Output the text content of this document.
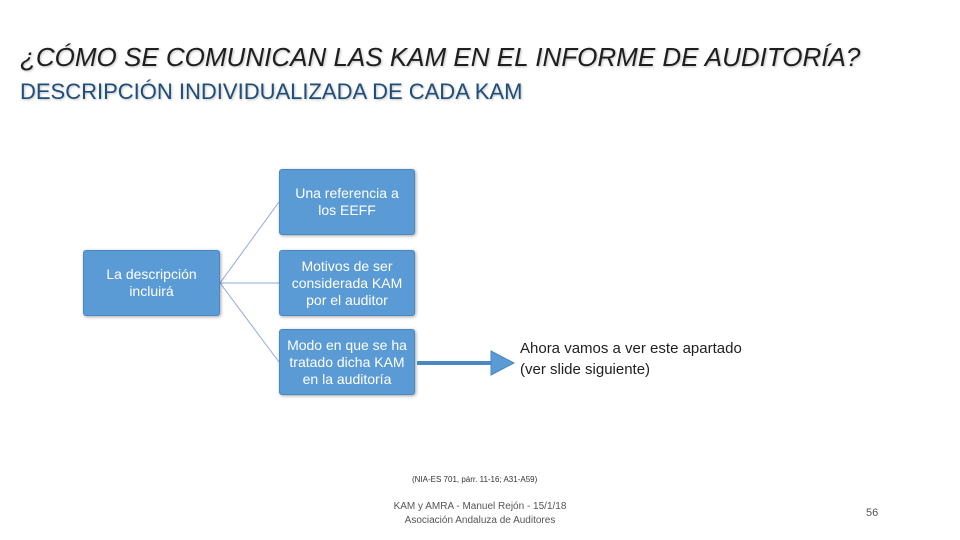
¿CÓMO SE COMUNICAN LAS KAM EN EL INFORME DE AUDITORÍA?
DESCRIPCIÓN INDIVIDUALIZADA DE CADA KAM
La descripción
incluirá
Una referencia a
los EEFF
Motivos de ser
considerada KAM
por el auditor
Modo en que se ha
tratado dicha KAM
en la auditoría
Ahora vamos a ver este apartado
(ver slide siguiente)
(NIA-ES 701, párr. 11-16; A31-A59)
KAM y AMRA - Manuel Rejón - 15/1/18
Asociación Andaluza de Auditores
56
